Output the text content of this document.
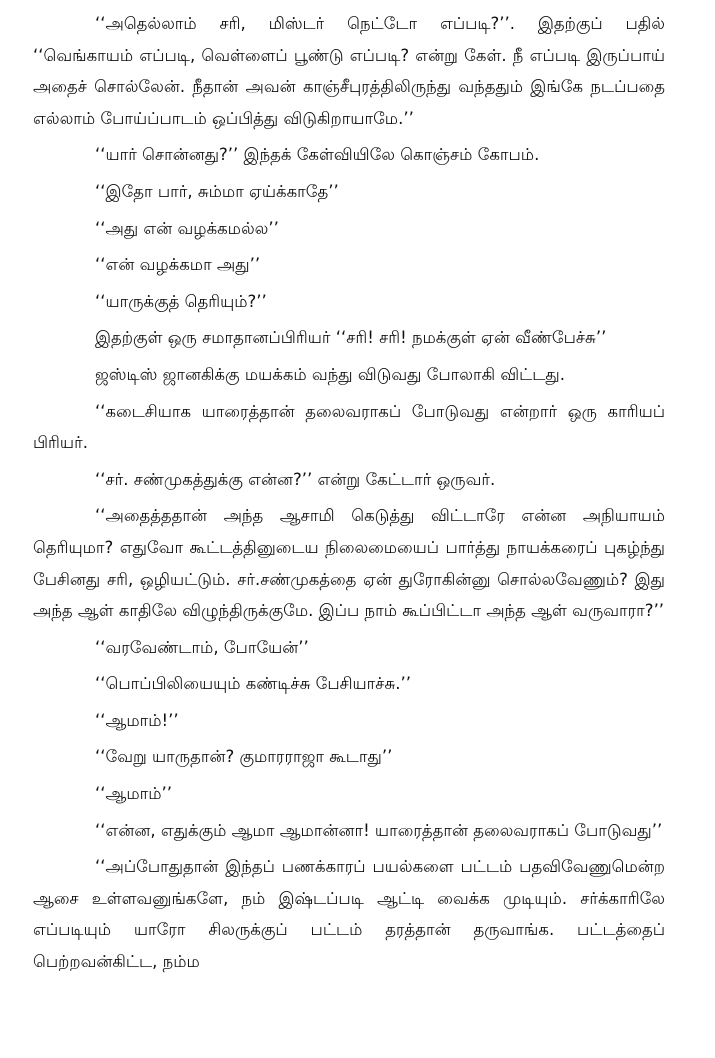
‘‘அதெல்லாம் சரி, மிஸ்டர் நெட்டோ எப்படி?’’. இதற்குப் பதில் ‘‘வெங்காயம் எப்படி, வெள்ளைப் பூண்டு எப்படி? என்று கேள். நீ எப்படி இருப்பாய் அதைச் சொல்லேன். நீதான் அவன் காஞ்சீபுரத்திலிருந்து வந்ததும் இங்கே நடப்பதை எல்லாம் போய்ப்பாடம் ஒப்பித்து விடுகிறாயாமே.’’

‘‘யார் சொன்னது?’’ இந்தக் கேள்வியிலே கொஞ்சம் கோபம்.

‘‘இதோ பார், சும்மா ஏய்க்காதே’’

‘‘அது என் வழக்கமல்ல’’

‘‘என் வழக்கமா அது’’

‘‘யாருக்குத் தெரியும்?’’

இதற்குள் ஒரு சமாதானப்பிரியர் ‘‘சரி! சரி! நமக்குள் ஏன் வீண்பேச்சு’’

ஜஸ்டிஸ் ஜானகிக்கு மயக்கம் வந்து விடுவது போலாகி விட்டது.

‘‘கடைசியாக யாரைத்தான் தலைவராகப் போடுவது என்றார் ஒரு காரியப் பிரியர்.

‘‘சர். சண்முகத்துக்கு என்ன?’’ என்று கேட்டார் ஒருவர்.

‘‘அதைத்ததான் அந்த ஆசாமி கெடுத்து விட்டாரே என்ன அநியாயம் தெரியுமா? எதுவோ கூட்டத்தினுடைய நிலைமையைப் பார்த்து நாயக்கரைப் புகழ்ந்து பேசினது சரி, ஒழியட்டும். சர்.சண்முகத்தை ஏன் துரோகின்னு சொல்லவேணும்? இது அந்த ஆள் காதிலே விழுந்திருக்குமே. இப்ப நாம் கூப்பிட்டா அந்த ஆள் வருவாரா?’’

‘‘வரவேண்டாம், போயேன்’’

‘‘பொப்பிலியையும் கண்டிச்சு பேசியாச்சு.’’

‘‘ஆமாம்!’’

‘‘வேறு யாருதான்? குமாரராஜா கூடாது’’

‘‘ஆமாம்’’

‘‘என்ன, எதுக்கும் ஆமா ஆமான்னா! யாரைத்தான் தலைவராகப் போடுவது’’

‘‘அப்போதுதான் இந்தப் பணக்காரப் பயல்களை பட்டம் பதவிவேணுமென்ற ஆசை உள்ளவனுங்களே, நம் இஷ்டப்படி ஆட்டி வைக்க முடியும். சர்க்காரிலே எப்படியும் யாரோ சிலருக்குப் பட்டம் தரத்தான் தருவாங்க. பட்டத்தைப் பெற்றவன்கிட்ட, நம்ம
